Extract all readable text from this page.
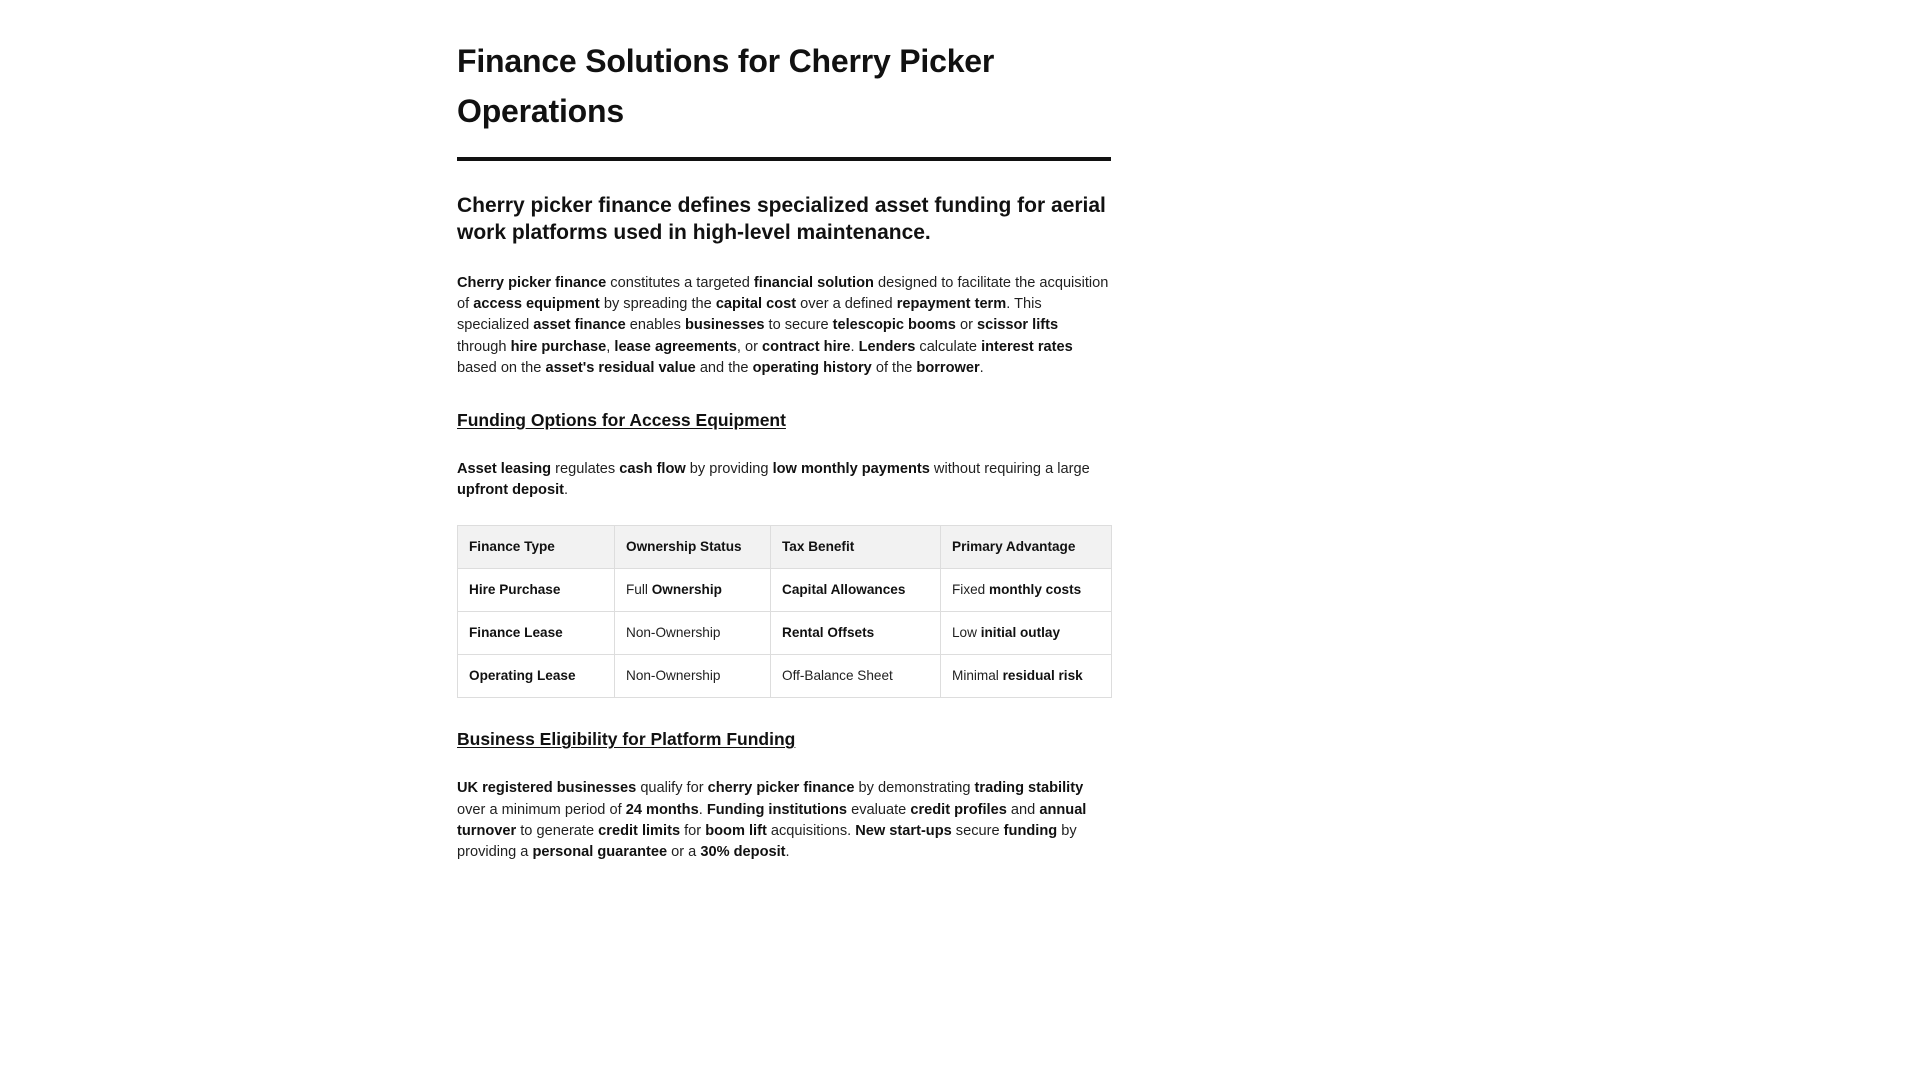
Finance Solutions for Cherry Picker Operations
Cherry picker finance defines specialized asset funding for aerial work platforms used in high-level maintenance.

Cherry picker finance constitutes a targeted financial solution designed to facilitate the acquisition of access equipment by spreading the capital cost over a defined repayment term. This specialized asset finance enables businesses to secure telescopic booms or scissor lifts through hire purchase, lease agreements, or contract hire. Lenders calculate interest rates based on the asset's residual value and the operating history of the borrower.

Funding Options for Access Equipment

Asset leasing regulates cash flow by providing low monthly payments without requiring a large upfront deposit.

Finance Type	Ownership Status	Tax Benefit	Primary Advantage
Hire Purchase	Full Ownership	Capital Allowances	Fixed monthly costs
Finance Lease	Non-Ownership	Rental Offsets	Low initial outlay
Operating Lease	Non-Ownership	Off-Balance Sheet	Minimal residual risk
Business Eligibility for Platform Funding

UK registered businesses qualify for cherry picker finance by demonstrating trading stability over a minimum period of 24 months. Funding institutions evaluate credit profiles and annual turnover to generate credit limits for boom lift acquisitions. New start-ups secure funding by providing a personal guarantee or a 30% deposit.
